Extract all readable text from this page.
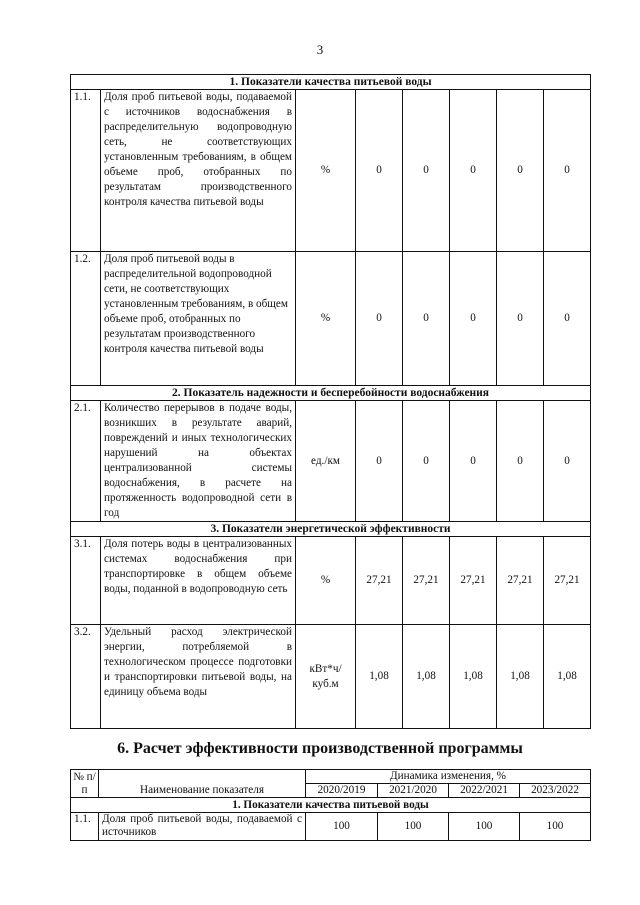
3
1. Показатели качества питьевой воды							
1.1.	Доля проб питьевой воды, подаваемой с источников водоснабжения в распределительную водопроводную сеть, не соответствующих установленным требованиям, в общем объеме проб, отобранных по результатам производственного контроля качества питьевой воды	%	0	0	0	0	0
1.2.	Доля проб питьевой воды в распределительной водопроводной сети, не соответствующих установленным требованиям, в общем объеме проб, отобранных по результатам производственного контроля качества питьевой воды	%	0	0	0	0	0
2. Показатель надежности и бесперебойности водоснабжения							
2.1.	Количество перерывов в подаче воды, возникших в результате аварий, повреждений и иных технологических нарушений на объектах централизованной системы водоснабжения, в расчете на протяженность водопроводной сети в год	ед./км	0	0	0	0	0
3. Показатели энергетической эффективности							
3.1.	Доля потерь воды в централизованных системах водоснабжения при транспортировке в общем объеме воды, поданной в водопроводную сеть	%	27,21	27,21	27,21	27,21	27,21
3.2.	Удельный расход электрической энергии, потребляемой в технологическом процессе подготовки и транспортировки питьевой воды, на единицу объема воды	кВт*ч/ куб.м	1,08	1,08	1,08	1,08	1,08
6. Расчет эффективности производственной программы
№ п/п	Наименование показателя	Динамика изменения, %			
		2020/2019	2021/2020	2022/2021	2023/2022
1. Показатели качества питьевой воды					
1.1.	Доля проб питьевой воды, подаваемой с источников	100	100	100	100
